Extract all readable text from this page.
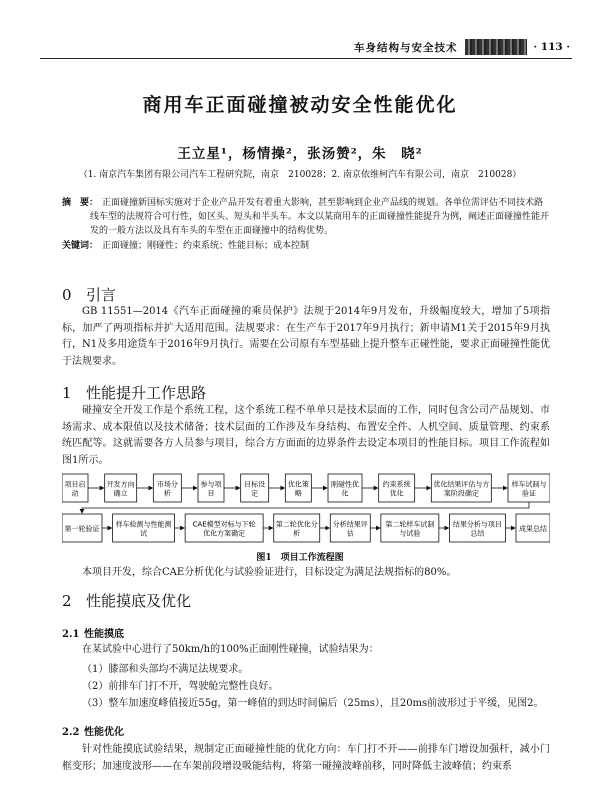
车身结构与安全技术	· 113 ·
商用车正面碰撞被动安全性能优化
王立星¹，杨情操²，张汤赞²，朱　晓²
（1. 南京汽车集团有限公司汽车工程研究院，南京　210028；2. 南京依维柯汽车有限公司，南京　210028）
摘　要： 正面碰撞新国标实施对于企业产品开发有着重大影响，甚至影响到企业产品线的规划。各单位需评估不同技术路线车型的法规符合可行性，如区头、短头和半头车。本文以某商用车的正面碰撞性能提升为例，阐述正面碰撞性能开发的一般方法以及具有车头的车型在正面碰撞中的结构优势。
关键词： 正面碰撞；刚碰性；约束系统；性能目标；成本控制
0 引言
GB 11551—2014《汽车正面碰撞的乘员保护》法规于2014年9月发布，升级幅度较大，增加了5项指标，加严了两项指标并扩大适用范围。法规要求：在生产车于2017年9月执行；新申请M1关于2015年9月执行，N1及多用途货车于2016年9月执行。需要在公司原有车型基础上提升整车正碰性能，要求正面碰撞性能优于法规要求。
1 性能提升工作思路
碰撞安全开发工作是个系统工程，这个系统工程不单单只是技术层面的工作，同时包含公司产品规划、市场需求、成本限值以及技术储备；技术层面的工作涉及车身结构、布置安全件、人机空间、质量管理、约束系统匹配等。这就需要各方人员参与项目，综合方方面面的边界条件去设定本项目的性能目标。项目工作流程如图1所示。
项目启
动
开发方向
确立
市场分
析
参与项
目
目标设
定
优化策
略
刚碰性优
化
约束系统
优化
优化结果评估与方
案阶段确定
样车试制与
验证
第一轮验证
样车检测与性能测
试
CAE模型对标与下轮
优化方案确定
第二轮优化分
析
分析结果评
估
第二轮样车试制
与试验
结果分析与项目
总结
成果总结
图1　项目工作流程图
本项目开发，综合CAE分析优化与试验验证进行，目标设定为满足法规指标的80%。
2 性能摸底及优化
2.1 性能摸底
在某试验中心进行了50km/h的100%正面刚性碰撞，试验结果为：
（1）膝部和头部均不满足法规要求。
（2）前排车门打不开，驾驶舱完整性良好。
（3）整车加速度峰值接近55g，第一峰值的到达时间偏后（25ms），且20ms前波形过于平缓，见图2。
2.2 性能优化
针对性能摸底试验结果，规制定正面碰撞性能的优化方向：车门打不开——前排车门增设加强杆，减小门框变形；加速度波形——在车架前段增设吸能结构，将第一碰撞波峰前移，同时降低主波峰值；约束系
